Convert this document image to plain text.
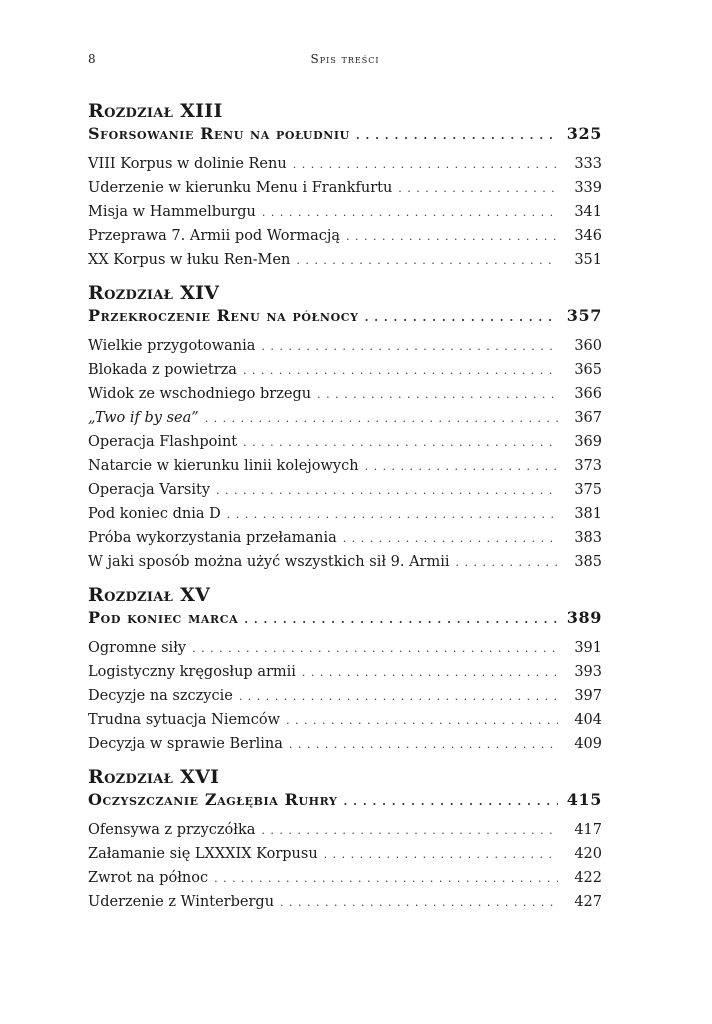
8	Spis treści
Rozdział XIII
Sforsowanie Renu na południu . . .	325
VIII Korpus w dolinie Renu . . .	333
Uderzenie w kierunku Menu i Frankfurtu . . .	339
Misja w Hammelburgu . . .	341
Przeprawa 7. Armii pod Wormacją . . .	346
XX Korpus w łuku Ren-Men . . .	351
Rozdział XIV
Przekroczenie Renu na północy . . .	357
Wielkie przygotowania . . .	360
Blokada z powietrza . . .	365
Widok ze wschodniego brzegu . . .	366
„Two if by sea” . . .	367
Operacja Flashpoint . . .	369
Natarcie w kierunku linii kolejowych . . .	373
Operacja Varsity . . .	375
Pod koniec dnia D . . .	381
Próba wykorzystania przełamania . . .	383
W jaki sposób można użyć wszystkich sił 9. Armii . . .	385
Rozdział XV
Pod koniec marca . . .	389
Ogromne siły . . .	391
Logistyczny kręgosłup armii . . .	393
Decyzje na szczycie . . .	397
Trudna sytuacja Niemców . . .	404
Decyzja w sprawie Berlina . . .	409
Rozdział XVI
Oczyszczanie Zagłębia Ruhry . . .	415
Ofensywa z przyczółka . . .	417
Załamanie się LXXXIX Korpusu . . .	420
Zwrot na północ . . .	422
Uderzenie z Winterbergu . . .	427
